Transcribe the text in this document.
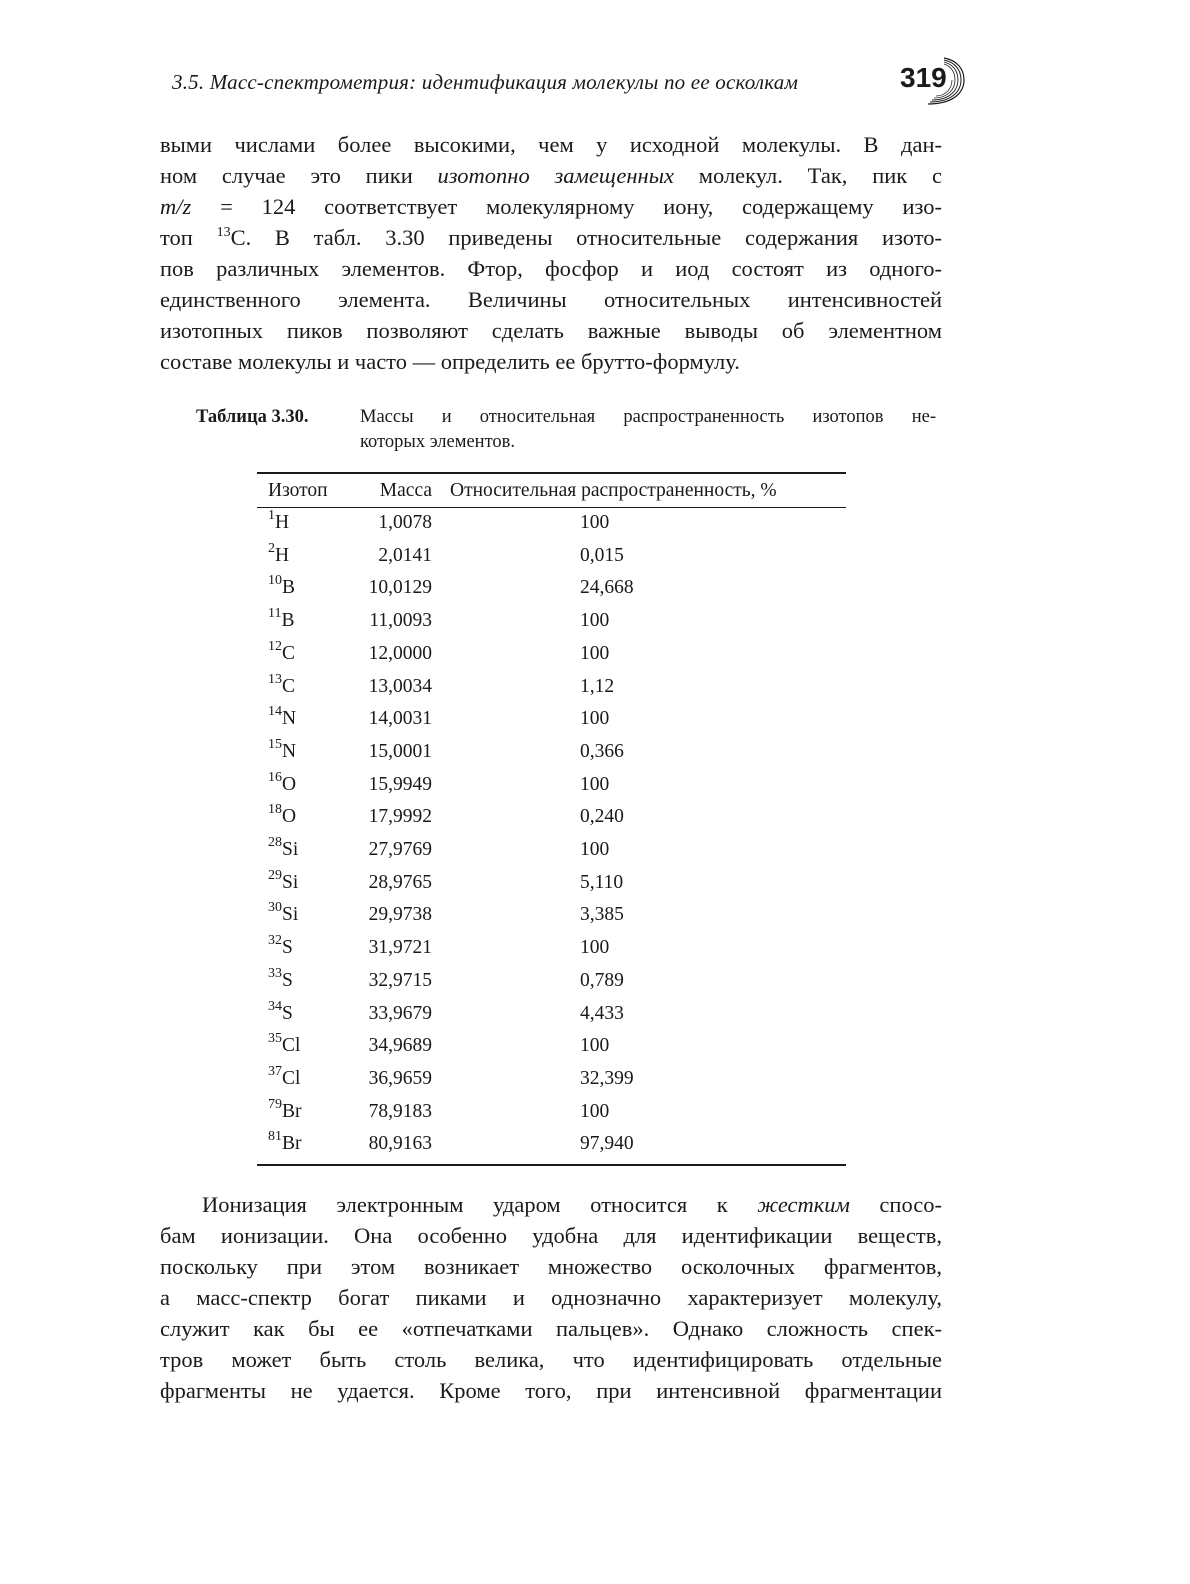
3.5. Масс-спектрометрия: идентификация молекулы по ее осколкам	319
выми числами более высокими, чем у исходной молекулы. В дан-
ном случае это пики изотопно замещенных молекул. Так, пик с
m/z = 124 соответствует молекулярному иону, содержащему изо-
топ $^{13}$C. В табл. 3.30 приведены относительные содержания изото-
пов различных элементов. Фтор, фосфор и иод состоят из одного-
единственного элемента. Величины относительных интенсивностей
изотопных пиков позволяют сделать важные выводы об элементном
составе молекулы и часто — определить ее брутто-формулу.
Таблица 3.30.	Массы и относительная распространенность изотопов не-
которых элементов.
Изотоп	Масса Относительная распространенность, %
$^1$H	1,0078	100
$^2$H	2,0141	0,015
$^{10}$B	10,0129	24,668
$^{11}$B	11,0093	100
$^{12}$C	12,0000	100
$^{13}$C	13,0034	1,12
$^{14}$N	14,0031	100
$^{15}$N	15,0001	0,366
$^{16}$O	15,9949	100
$^{18}$O	17,9992	0,240
$^{28}$Si	27,9769	100
$^{29}$Si	28,9765	5,110
$^{30}$Si	29,9738	3,385
$^{32}$S	31,9721	100
$^{33}$S	32,9715	0,789
$^{34}$S	33,9679	4,433
$^{35}$Cl	34,9689	100
$^{37}$Cl	36,9659	32,399
$^{79}$Br	78,9183	100
$^{81}$Br	80,9163	97,940
Ионизация электронным ударом относится к жестким спосо-
бам ионизации. Она особенно удобна для идентификации веществ,
поскольку при этом возникает множество осколочных фрагментов,
а масс-спектр богат пиками и однозначно характеризует молекулу,
служит как бы ее «отпечатками пальцев». Однако сложность спек-
тров может быть столь велика, что идентифицировать отдельные
фрагменты не удается. Кроме того, при интенсивной фрагментации
